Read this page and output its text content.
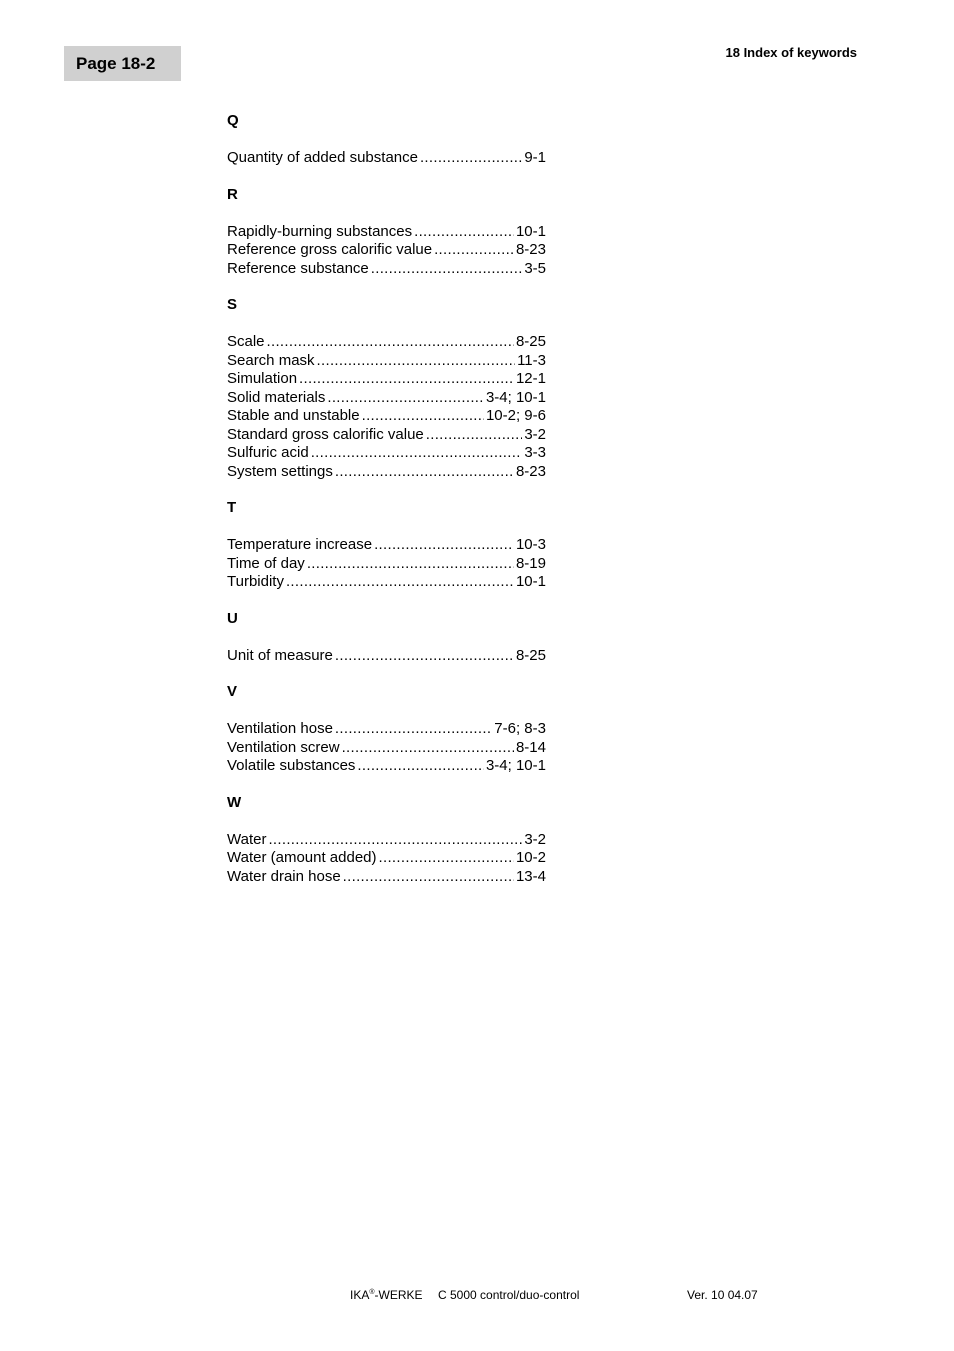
Page 18-2
18 Index of keywords
Q
Quantity of added substance .....	9-1
R
Rapidly-burning substances .....	10-1
Reference gross calorific value .....	8-23
Reference substance .....	3-5
S
Scale .....	8-25
Search mask .....	11-3
Simulation .....	12-1
Solid materials .....	3-4; 10-1
Stable and unstable .....	10-2; 9-6
Standard gross calorific value .....	3-2
Sulfuric acid .....	3-3
System settings .....	8-23
T
Temperature increase .....	10-3
Time of day .....	8-19
Turbidity .....	10-1
U
Unit of measure .....	8-25
V
Ventilation hose .....	7-6; 8-3
Ventilation screw .....	8-14
Volatile substances .....	3-4; 10-1
W
Water .....	3-2
Water (amount added) .....	10-2
Water drain hose .....	13-4
IKA®-WERKE C 5000 control/duo-control	Ver. 10 04.07
